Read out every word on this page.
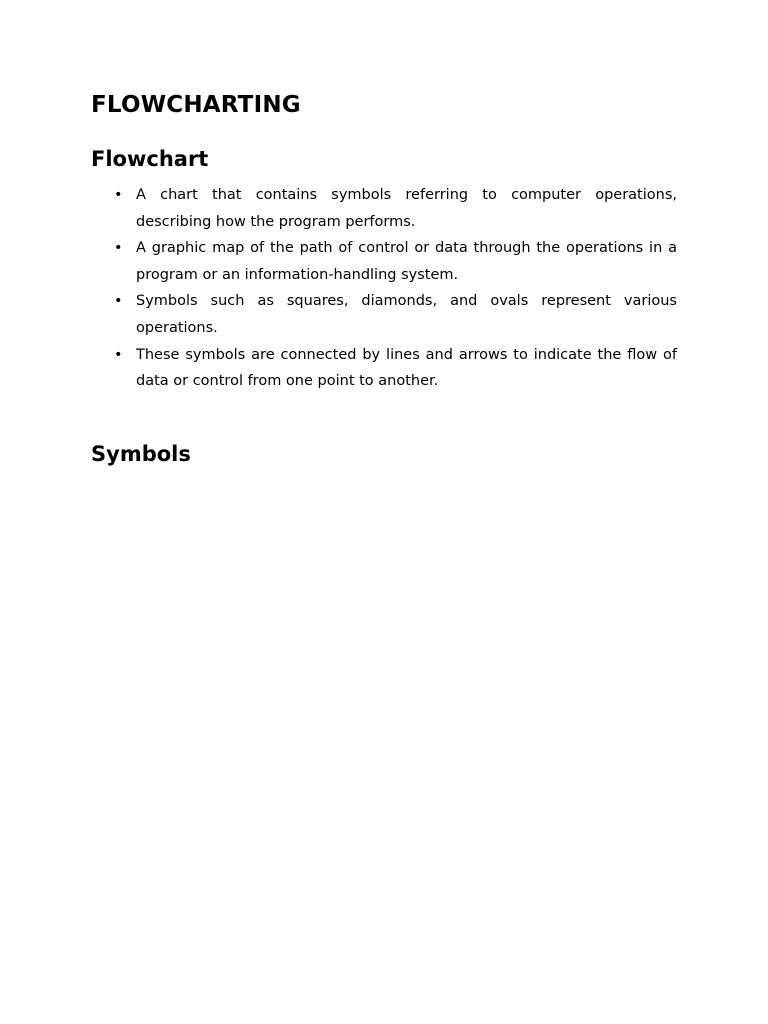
FLOWCHARTING
Flowchart
• A chart that contains symbols referring to computer operations, describing how the program performs.
• A graphic map of the path of control or data through the operations in a program or an information-handling system.
• Symbols such as squares, diamonds, and ovals represent various operations.
• These symbols are connected by lines and arrows to indicate the flow of data or control from one point to another.
Symbols
